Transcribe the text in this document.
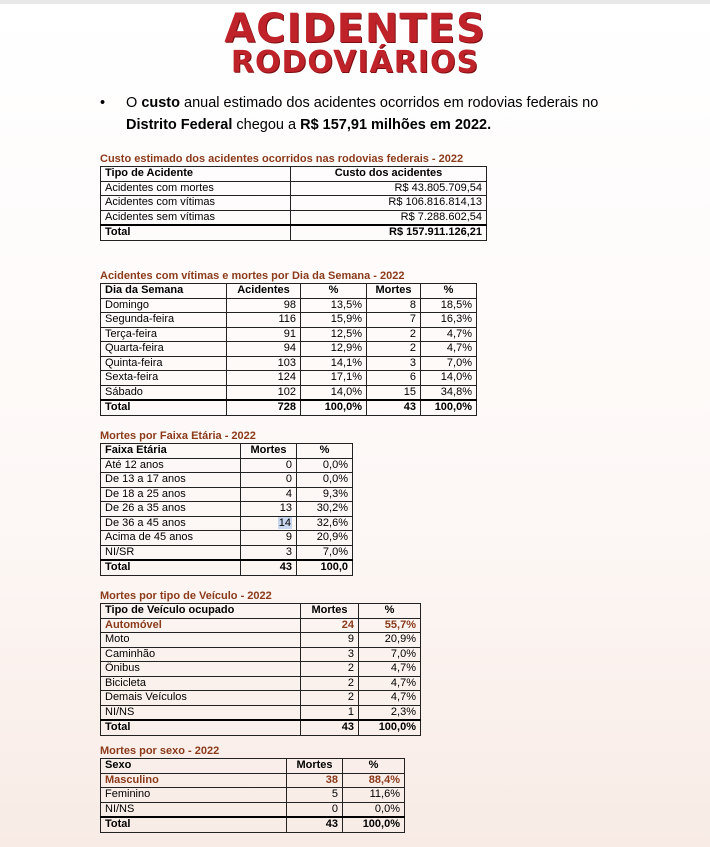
ACIDENTES
RODOVIÁRIOS
• O custo anual estimado dos acidentes ocorridos em rodovias federais no Distrito Federal chegou a R$ 157,91 milhões em 2022.
Custo estimado dos acidentes ocorridos nas rodovias federais - 2022
Tipo de Acidente	Custo dos acidentes
Acidentes com mortes	R$ 43.805.709,54
Acidentes com vítimas	R$ 106.816.814,13
Acidentes sem vítimas	R$ 7.288.602,54
Total	R$ 157.911.126,21
Acidentes com vítimas e mortes por Dia da Semana - 2022
Dia da Semana	Acidentes	%	Mortes	%
Domingo	98	13,5%	8	18,5%
Segunda-feira	116	15,9%	7	16,3%
Terça-feira	91	12,5%	2	4,7%
Quarta-feira	94	12,9%	2	4,7%
Quinta-feira	103	14,1%	3	7,0%
Sexta-feira	124	17,1%	6	14,0%
Sábado	102	14,0%	15	34,8%
Total	728	100,0%	43	100,0%
Mortes por Faixa Etária - 2022
Faixa Etária	Mortes	%
Até 12 anos	0	0,0%
De 13 a 17 anos	0	0,0%
De 18 a 25 anos	4	9,3%
De 26 a 35 anos	13	30,2%
De 36 a 45 anos	14	32,6%
Acima de 45 anos	9	20,9%
NI/SR	3	7,0%
Total	43	100,0
Mortes por tipo de Veículo - 2022
Tipo de Veículo ocupado	Mortes	%
Automóvel	24	55,7%
Moto	9	20,9%
Caminhão	3	7,0%
Ônibus	2	4,7%
Bicicleta	2	4,7%
Demais Veículos	2	4,7%
NI/NS	1	2,3%
Total	43	100,0%
Mortes por sexo - 2022
Sexo	Mortes	%
Masculino	38	88,4%
Feminino	5	11,6%
NI/NS	0	0,0%
Total	43	100,0%
